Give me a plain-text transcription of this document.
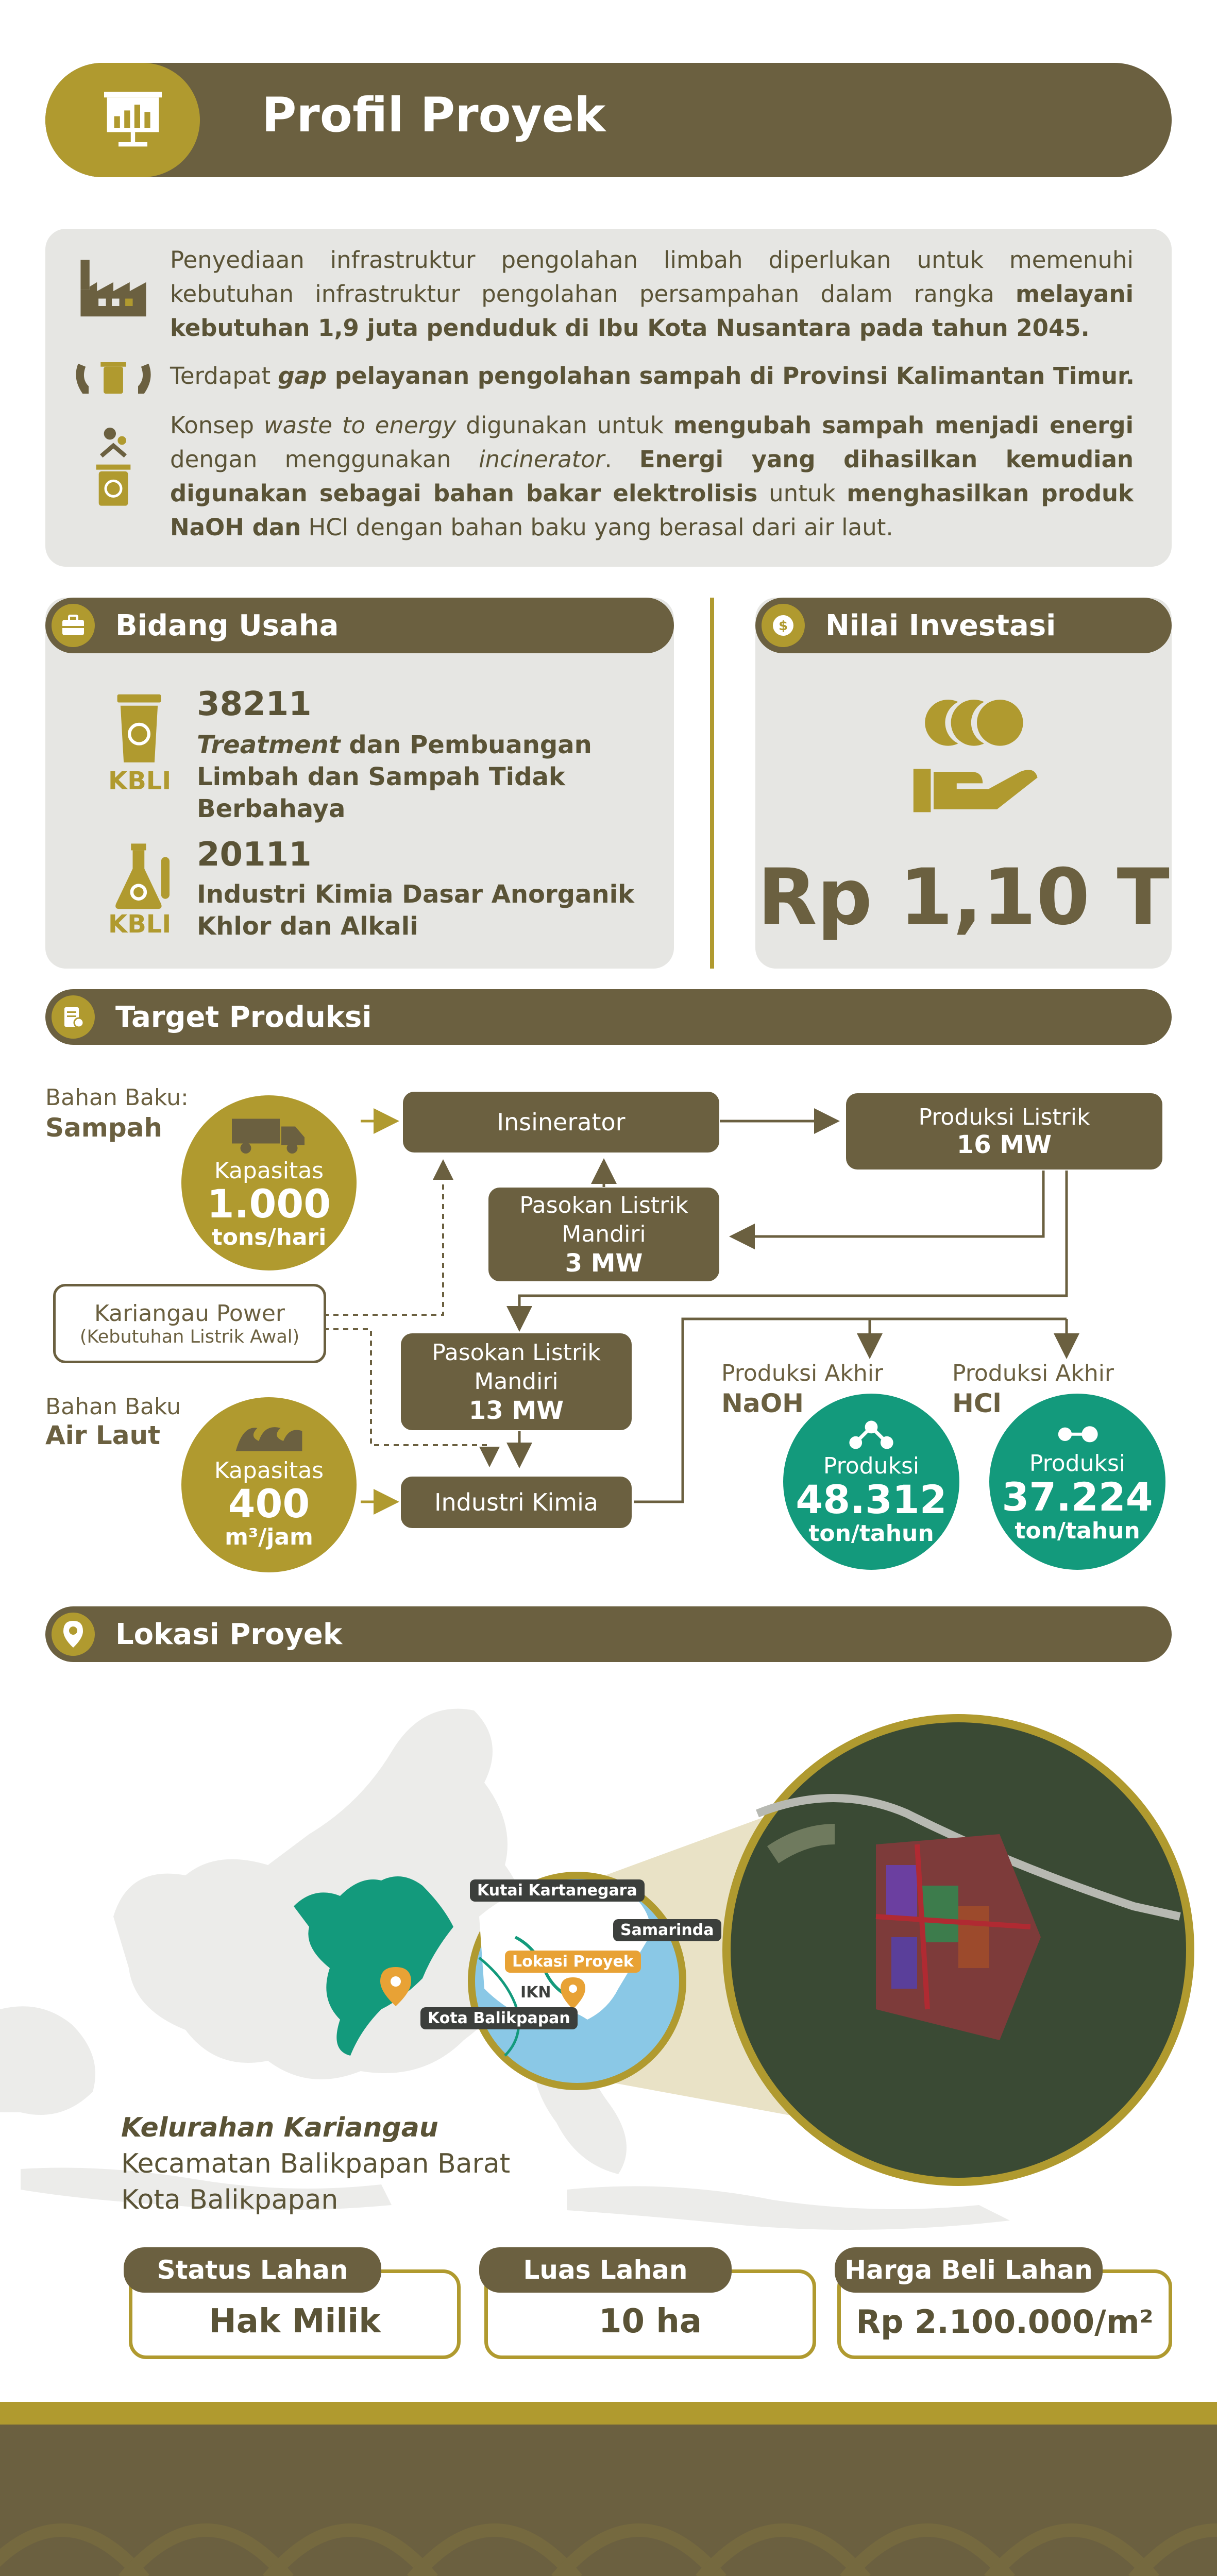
Profil Proyek
Penyediaan infrastruktur pengolahan limbah diperlukan untuk memenuhi kebutuhan infrastruktur pengolahan persampahan dalam rangka melayani kebutuhan 1,9 juta penduduk di Ibu Kota Nusantara pada tahun 2045.
Terdapat gap pelayanan pengolahan sampah di Provinsi Kalimantan Timur.
Konsep waste to energy digunakan untuk mengubah sampah menjadi energi dengan menggunakan incinerator. Energi yang dihasilkan kemudian digunakan sebagai bahan bakar elektrolisis untuk menghasilkan produk NaOH dan HCl dengan bahan baku yang berasal dari air laut.
Bidang Usaha
KBLI
38211
Treatment dan Pembuangan Limbah dan Sampah Tidak Berbahaya
KBLI
20111
Industri Kimia Dasar Anorganik Khlor dan Alkali
$ Nilai Investasi
Rp 1,10 T
Target Produksi
Bahan Baku:
Sampah
Kapasitas
1.000
tons/hari
Insinerator	Produksi Listrik
16 MW
Pasokan Listrik Mandiri
3 MW
Kariangau Power
(Kebutuhan Listrik Awal)
Pasokan Listrik Mandiri
13 MW
Bahan Baku
Air Laut
Kapasitas
400
m³/jam
Industri Kimia
Produksi Akhir
NaOH
Produksi
48.312
ton/tahun
Produksi Akhir
HCl
Produksi
37.224
ton/tahun
Lokasi Proyek
Kutai Kartanegara
Samarinda
Lokasi Proyek
IKN
Kota Balikpapan
Kelurahan Kariangau
Kecamatan Balikpapan Barat
Kota Balikpapan
Hak Milik
Status Lahan
10 ha
Luas Lahan
Rp 2.100.000/m²
Harga Beli Lahan
